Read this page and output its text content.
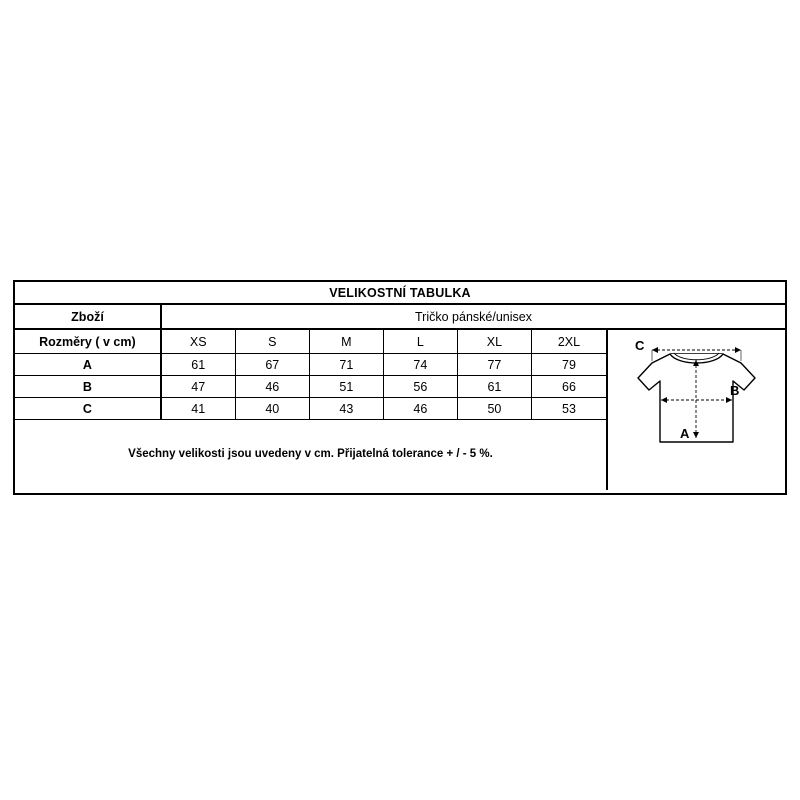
VELIKOSTNÍ TABULKA
Zboží	Tričko pánské/unisex
Rozměry ( v cm)	XS	S	M	L	XL	2XL
A	61	67	71	74	77	79
B	47	46	51	56	61	66
C	41	40	43	46	50	53
Všechny velikosti jsou uvedeny v cm. Přijatelná tolerance + / - 5 %.
C
B
A
